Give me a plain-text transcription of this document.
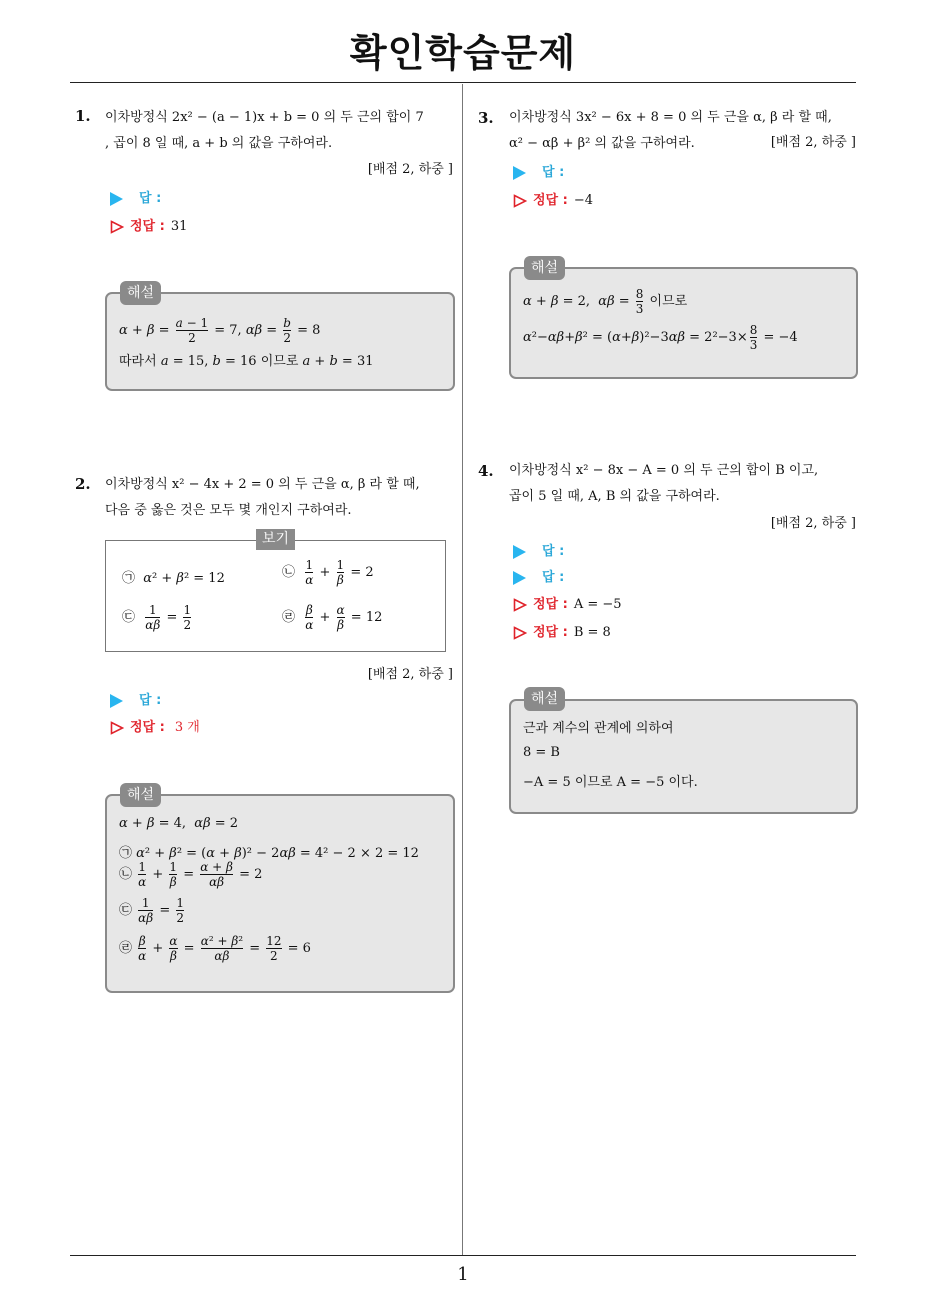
확인학습문제
1. 이차방정식 2x² − (a − 1)x + b = 0 의 두 근의 합이 7
, 곱이 8 일 때, a + b 의 값을 구하여라.
[배점 2, 하중 ]
답 :
정답 : 31
$\alpha + \beta = \frac{a - 1}{2} = 7$, $\alpha\beta = \frac{b}{2} = 8$
따라서 a = 15, b = 16 이므로 a + b = 31
해설
2. 이차방정식 x² − 4x + 2 = 0 의 두 근을 α, β 라 할 때,
다음 중 옳은 것은 모두 몇 개인지 구하여라.
㉠  α² + β² = 12	㉡ $\frac{1}{\alpha} + \frac{1}{\beta} = 2$
㉢ $\frac{1}{\alpha\beta} = \frac{1}{2}$	㉣ $\frac{\beta}{\alpha} + \frac{\alpha}{\beta} = 12$
보기
[배점 2, 하중 ]
답 :
정답 : 3 개
α + β = 4,  αβ = 2
㉠ α² + β² = (α + β)² − 2αβ = 4² − 2 × 2 = 12
㉡ $\frac{1}{\alpha} + \frac{1}{\beta} = \frac{\alpha + \beta}{\alpha\beta} = 2$
㉢ $\frac{1}{\alpha\beta} = \frac{1}{2}$
㉣ $\frac{\beta}{\alpha} + \frac{\alpha}{\beta} = \frac{\text{α² + β²}}{\alpha\beta} = \frac{12}{2} = 6$
해설
3. 이차방정식 3x² − 6x + 8 = 0 의 두 근을 α, β 라 할 때,
α² − αβ + β² 의 값을 구하여라.	[배점 2, 하중 ]
답 :
정답 : −4
α + β = 2,  $\alpha\beta = \frac{8}{3}$ 이므로
$\alpha^2-\alpha\beta+\beta^2 = (\alpha+\beta)^2-3\alpha\beta = 2^2-3\times \frac{8}{3} = -4$
해설
4. 이차방정식 x² − 8x − A = 0 의 두 근의 합이 B 이고,
곱이 5 일 때, A, B 의 값을 구하여라.
[배점 2, 하중 ]
답 :
답 :
정답 : A = −5
정답 : B = 8
근과 계수의 관계에 의하여
8 = B
−A = 5 이므로 A = −5 이다.
해설
1
